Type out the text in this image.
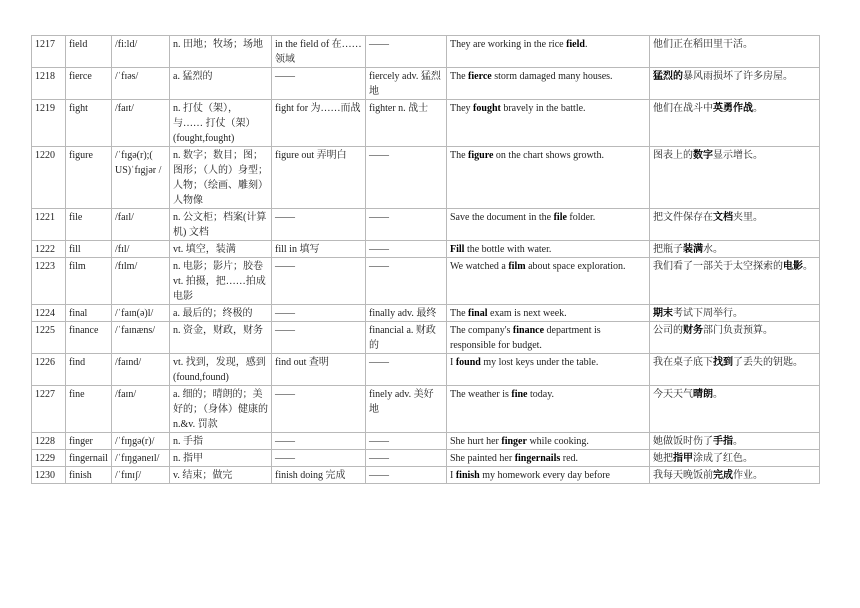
1217	field	/fi:ld/	n. 田地；牧场；场地	in the field of 在…… 领域	——	They are working in the rice field.	他们正在稻田里干活。
1218	fierce	/ˈfɪəs/	a. 猛烈的	——	fiercely adv. 猛烈地	The fierce storm damaged many houses.	猛烈的暴风雨损坏了许多房屋。
1219	fight	/faɪt/	n. 打仗（架），
与…… 打仗（架）
(fought,fought)	fight for 为……而战	fighter n. 战士	They fought bravely in the battle.	他们在战斗中英勇作战。
1220	figure	/ˈfɪgə(r);( US)ˈfɪgjər /	n. 数字；数目；图；图形；（人的）身型；人物；（绘画、雕刻）人物像	figure out 弄明白	——	The figure on the chart shows growth.	图表上的数字显示增长。
1221	file	/faɪl/	n. 公文柜；档案(计算机) 文档	——	——	Save the document in the file folder.	把文件保存在文档夹里。
1222	fill	/fɪl/	vt. 填空，装满	fill in 填写	——	Fill the bottle with water.	把瓶子装满水。
1223	film	/fɪlm/	n. 电影；影片；胶卷
vt. 拍摄，把……拍成电影	——	——	We watched a film about space exploration.	我们看了一部关于太空探索的电影。
1224	final	/ˈfaɪn(ə)l/	a. 最后的；终极的	——	finally adv. 最终	The final exam is next week.	期末考试下周举行。
1225	finance	/ˈfaɪnæns/	n. 资金，财政，财务	——	financial a. 财政的	The company's finance department is responsible for budget.	公司的财务部门负责预算。
1226	find	/faɪnd/	vt. 找到，发现，感到 (found,found)	find out 查明	——	I found my lost keys under the table.	我在桌子底下找到了丢失的钥匙。
1227	fine	/faɪn/	a. 细的；晴朗的；美好的；（身体）健康的
n.&v. 罚款	——	finely adv. 美好地	The weather is fine today.	今天天气晴朗。
1228	finger	/ˈfɪŋgə(r)/	n. 手指	——	——	She hurt her finger while cooking.	她做饭时伤了手指。
1229	fingernail	/ˈfɪŋgəneɪl/	n. 指甲	——	——	She painted her fingernails red.	她把指甲涂成了红色。
1230	finish	/ˈfɪnɪʃ/	v. 结束；做完	finish doing 完成	——	I finish my homework every day before	我每天晚饭前完成作业。
